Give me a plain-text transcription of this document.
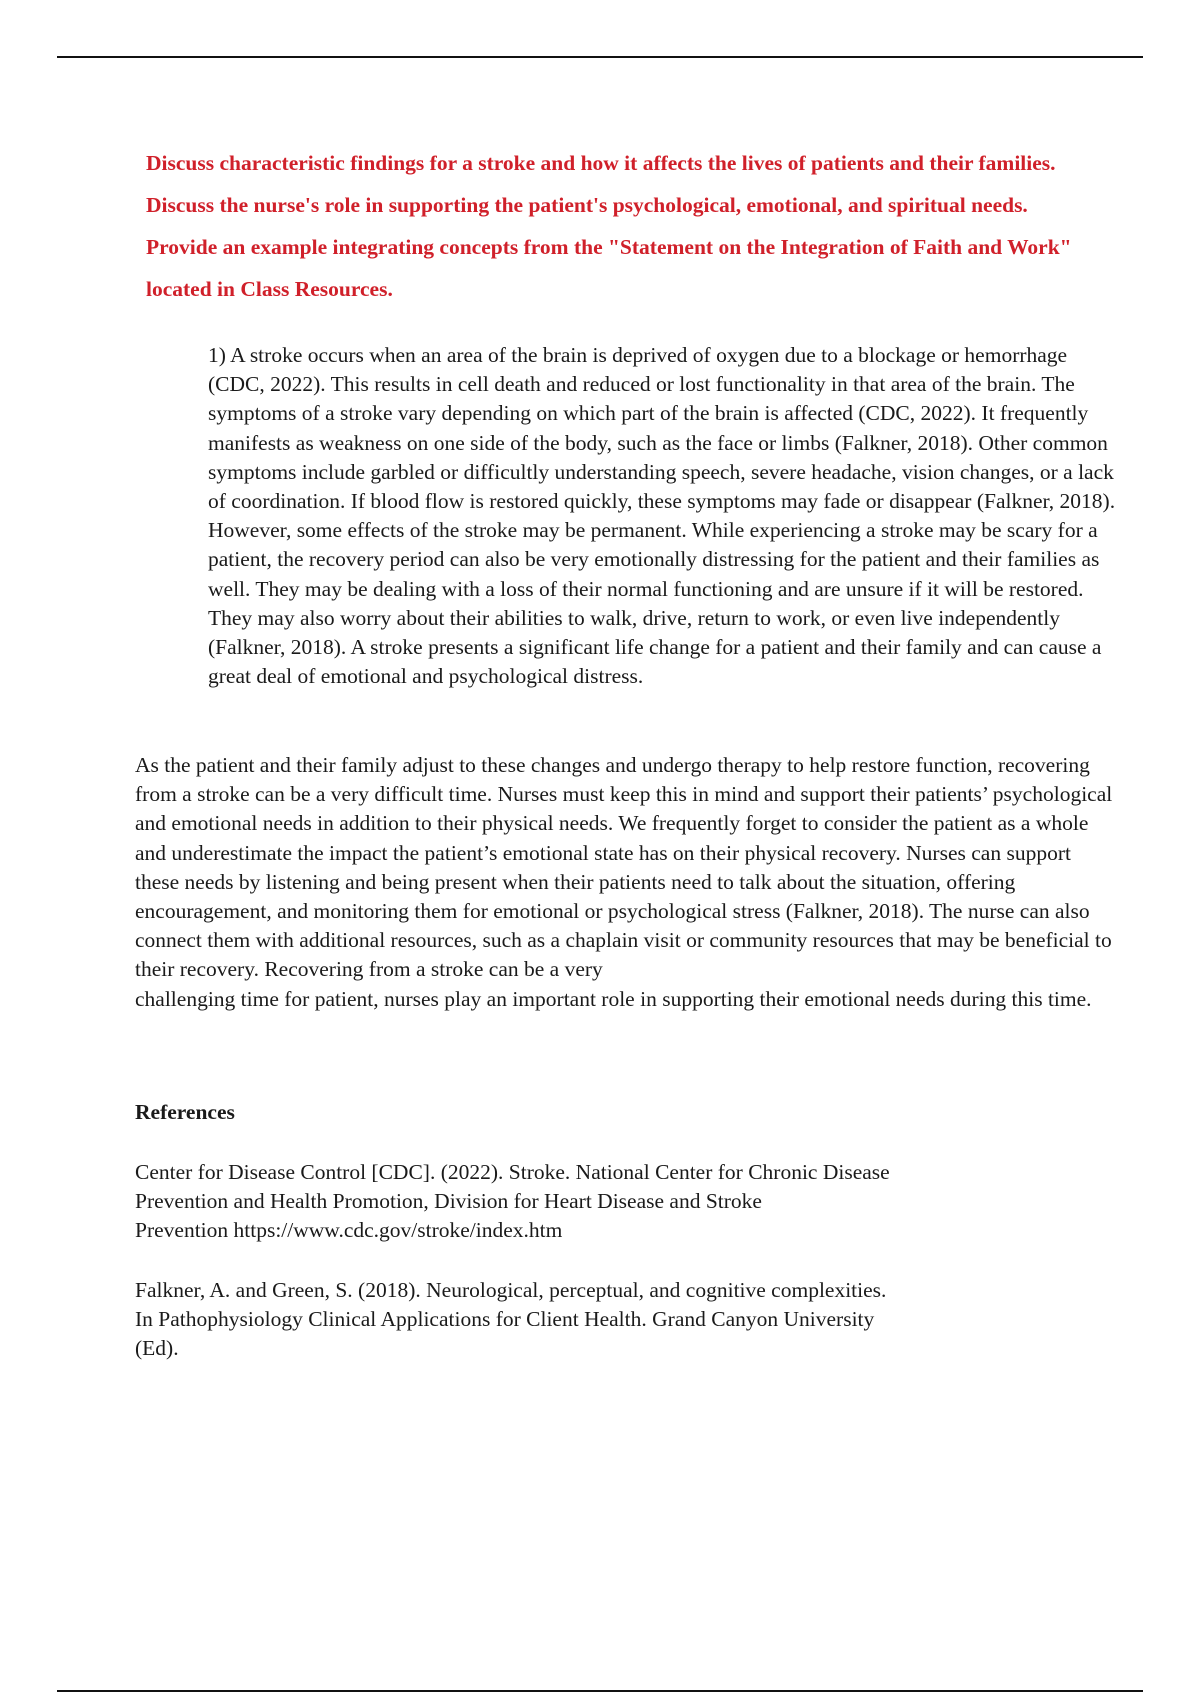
Discuss characteristic findings for a stroke and how it affects the lives of patients and their families. Discuss the nurse's role in supporting the patient's psychological, emotional, and spiritual needs. Provide an example integrating concepts from the "Statement on the Integration of Faith and Work" located in Class Resources.

1) A stroke occurs when an area of the brain is deprived of oxygen due to a blockage or hemorrhage (CDC, 2022). This results in cell death and reduced or lost functionality in that area of the brain. The symptoms of a stroke vary depending on which part of the brain is affected (CDC, 2022). It frequently manifests as weakness on one side of the body, such as the face or limbs (Falkner, 2018). Other common symptoms include garbled or difficultly understanding speech, severe headache, vision changes, or a lack of coordination. If blood flow is restored quickly, these symptoms may fade or disappear (Falkner, 2018). However, some effects of the stroke may be permanent. While experiencing a stroke may be scary for a patient, the recovery period can also be very emotionally distressing for the patient and their families as well. They may be dealing with a loss of their normal functioning and are unsure if it will be restored. They may also worry about their abilities to walk, drive, return to work, or even live independently (Falkner, 2018). A stroke presents a significant life change for a patient and their family and can cause a great deal of emotional and psychological distress.

As the patient and their family adjust to these changes and undergo therapy to help restore function, recovering from a stroke can be a very difficult time. Nurses must keep this in mind and support their patients’ psychological and emotional needs in addition to their physical needs. We frequently forget to consider the patient as a whole and underestimate the impact the patient’s emotional state has on their physical recovery. Nurses can support these needs by listening and being present when their patients need to talk about the situation, offering encouragement, and monitoring them for emotional or psychological stress (Falkner, 2018). The nurse can also connect them with additional resources, such as a chaplain visit or community resources that may be beneficial to their recovery. Recovering from a stroke can be a very
challenging time for patient, nurses play an important role in supporting their emotional needs during this time.

References

Center for Disease Control [CDC]. (2022). Stroke. National Center for Chronic Disease
Prevention and Health Promotion, Division for Heart Disease and Stroke
Prevention https://www.cdc.gov/stroke/index.htm

Falkner, A. and Green, S. (2018). Neurological, perceptual, and cognitive complexities.
In Pathophysiology Clinical Applications for Client Health. Grand Canyon University
(Ed).
